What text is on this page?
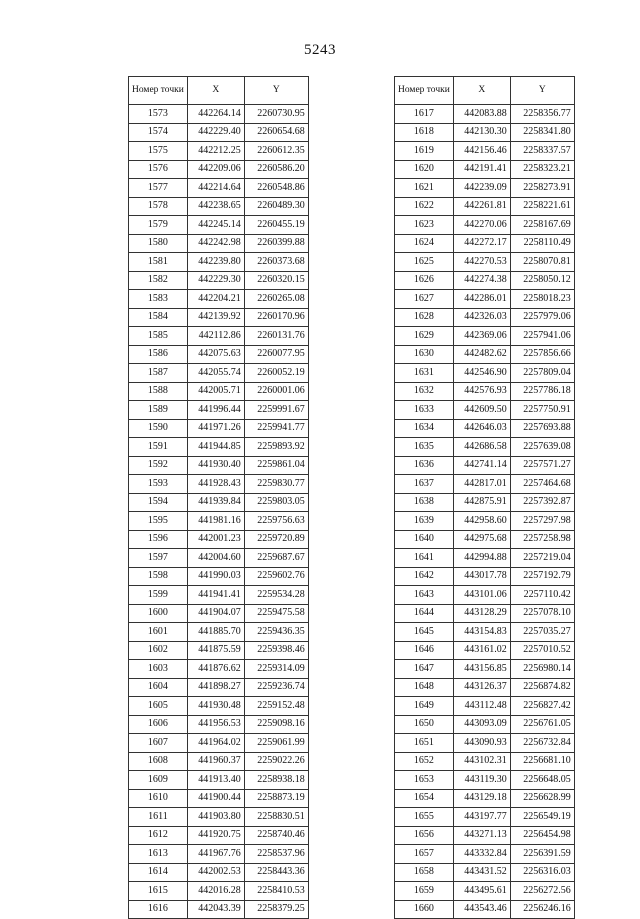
5243
Номер точки	X	Y
1573	442264.14	2260730.95
1574	442229.40	2260654.68
1575	442212.25	2260612.35
1576	442209.06	2260586.20
1577	442214.64	2260548.86
1578	442238.65	2260489.30
1579	442245.14	2260455.19
1580	442242.98	2260399.88
1581	442239.80	2260373.68
1582	442229.30	2260320.15
1583	442204.21	2260265.08
1584	442139.92	2260170.96
1585	442112.86	2260131.76
1586	442075.63	2260077.95
1587	442055.74	2260052.19
1588	442005.71	2260001.06
1589	441996.44	2259991.67
1590	441971.26	2259941.77
1591	441944.85	2259893.92
1592	441930.40	2259861.04
1593	441928.43	2259830.77
1594	441939.84	2259803.05
1595	441981.16	2259756.63
1596	442001.23	2259720.89
1597	442004.60	2259687.67
1598	441990.03	2259602.76
1599	441941.41	2259534.28
1600	441904.07	2259475.58
1601	441885.70	2259436.35
1602	441875.59	2259398.46
1603	441876.62	2259314.09
1604	441898.27	2259236.74
1605	441930.48	2259152.48
1606	441956.53	2259098.16
1607	441964.02	2259061.99
1608	441960.37	2259022.26
1609	441913.40	2258938.18
1610	441900.44	2258873.19
1611	441903.80	2258830.51
1612	441920.75	2258740.46
1613	441967.76	2258537.96
1614	442002.53	2258443.36
1615	442016.28	2258410.53
1616	442043.39	2258379.25
Номер точки	X	Y
1617	442083.88	2258356.77
1618	442130.30	2258341.80
1619	442156.46	2258337.57
1620	442191.41	2258323.21
1621	442239.09	2258273.91
1622	442261.81	2258221.61
1623	442270.06	2258167.69
1624	442272.17	2258110.49
1625	442270.53	2258070.81
1626	442274.38	2258050.12
1627	442286.01	2258018.23
1628	442326.03	2257979.06
1629	442369.06	2257941.06
1630	442482.62	2257856.66
1631	442546.90	2257809.04
1632	442576.93	2257786.18
1633	442609.50	2257750.91
1634	442646.03	2257693.88
1635	442686.58	2257639.08
1636	442741.14	2257571.27
1637	442817.01	2257464.68
1638	442875.91	2257392.87
1639	442958.60	2257297.98
1640	442975.68	2257258.98
1641	442994.88	2257219.04
1642	443017.78	2257192.79
1643	443101.06	2257110.42
1644	443128.29	2257078.10
1645	443154.83	2257035.27
1646	443161.02	2257010.52
1647	443156.85	2256980.14
1648	443126.37	2256874.82
1649	443112.48	2256827.42
1650	443093.09	2256761.05
1651	443090.93	2256732.84
1652	443102.31	2256681.10
1653	443119.30	2256648.05
1654	443129.18	2256628.99
1655	443197.77	2256549.19
1656	443271.13	2256454.98
1657	443332.84	2256391.59
1658	443431.52	2256316.03
1659	443495.61	2256272.56
1660	443543.46	2256246.16
